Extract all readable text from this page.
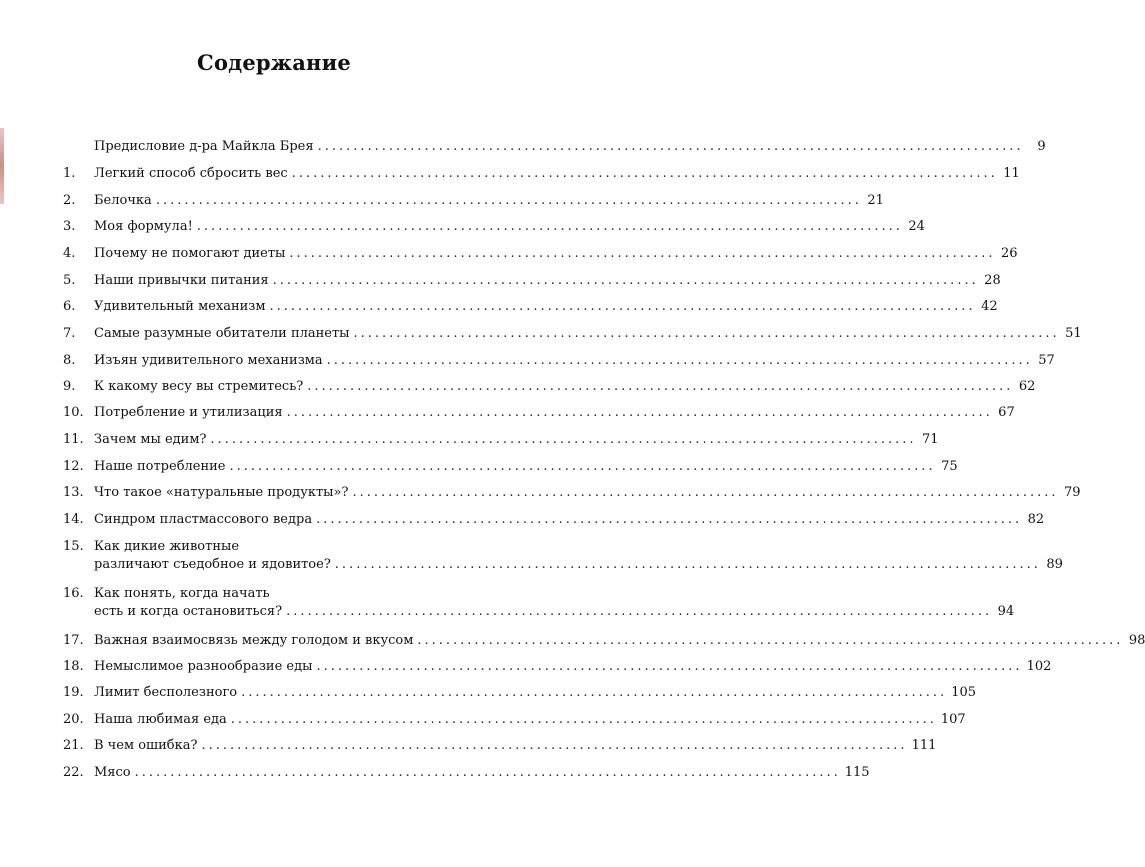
Содержание
Предисловие д-ра Майкла Брея ...................................................................................................	9
1.	Легкий способ сбросить вес ................................................................................................... 11
2.	Белочка ................................................................................................... 21
3.	Моя формула! ................................................................................................... 24
4.	Почему не помогают диеты ................................................................................................... 26
5.	Наши привычки питания ................................................................................................... 28
6.	Удивительный механизм ................................................................................................... 42
7.	Самые разумные обитатели планеты ................................................................................................... 51
8.	Изъян удивительного механизма ................................................................................................... 57
9.	К какому весу вы стремитесь? ................................................................................................... 62
10. Потребление и утилизация ................................................................................................... 67
11. Зачем мы едим? ................................................................................................... 71
12. Наше потребление ................................................................................................... 75
13. Что такое «натуральные продукты»? ................................................................................................... 79
14. Синдром пластмассового ведра ................................................................................................... 82
15. Как дикие животные
различают съедобное и ядовитое? ................................................................................................... 89
16. Как понять, когда начать
есть и когда остановиться? ................................................................................................... 94
17. Важная взаимосвязь между голодом и вкусом ................................................................................................... 98
18. Немыслимое разнообразие еды ................................................................................................... 102
19. Лимит бесполезного ................................................................................................... 105
20. Наша любимая еда ................................................................................................... 107
21. В чем ошибка? ................................................................................................... 111
22. Мясо ................................................................................................... 115
